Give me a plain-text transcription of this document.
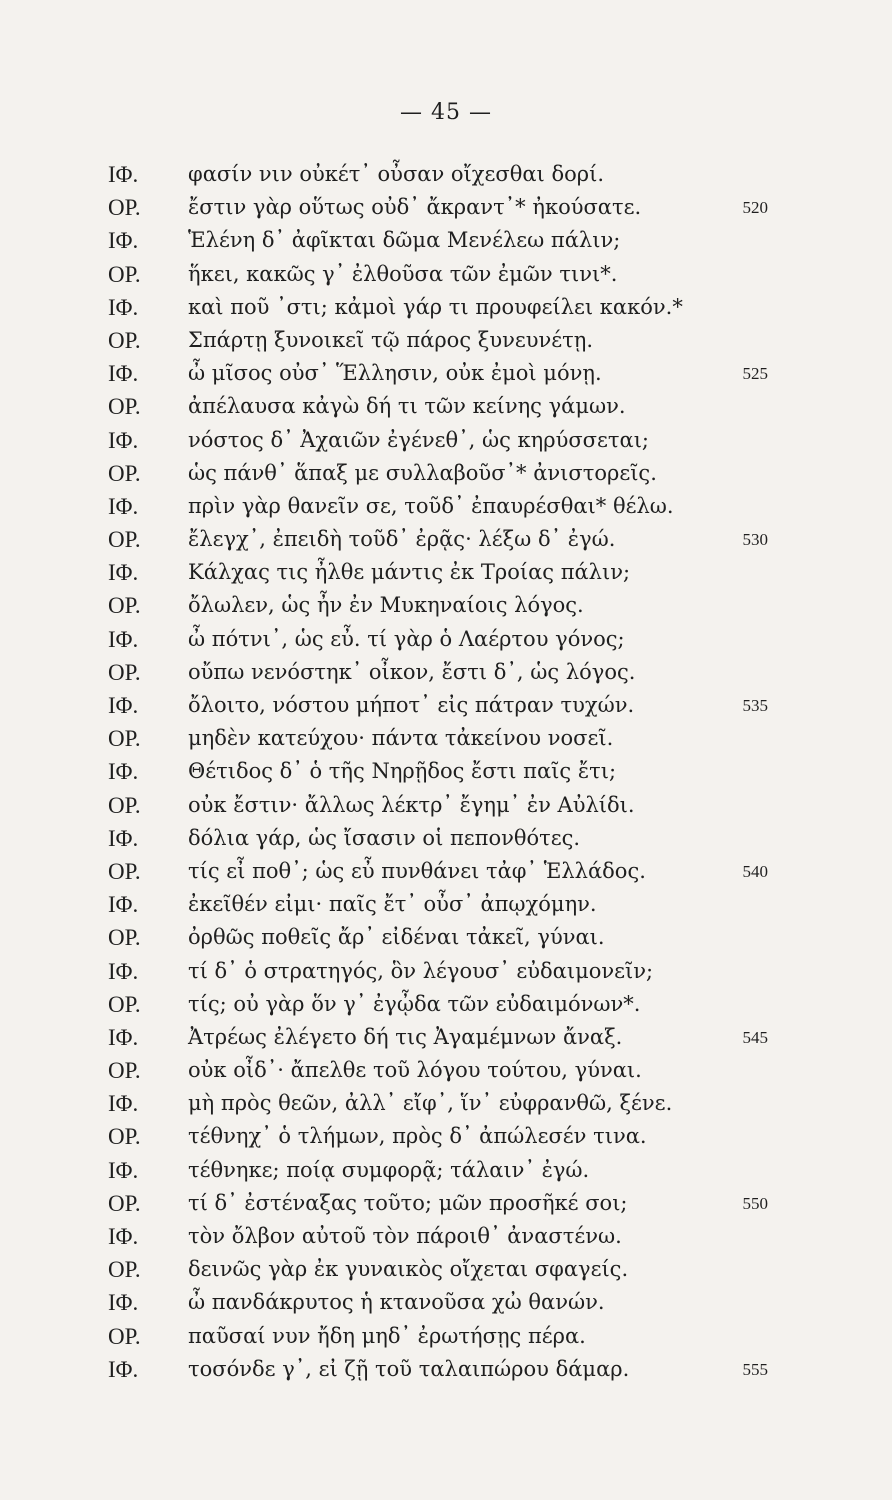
— 45 —
ΙΦ. φασίν νιν οὐκέτ᾽ οὖσαν οἴχεσθαι δορί.
ΟΡ. ἔστιν γὰρ οὕτως οὐδ᾽ ἄκραντ᾽* ἠκούσατε.	520
ΙΦ. Ἑλένη δ᾽ ἀφῖκται δῶμα Μενέλεω πάλιν;
ΟΡ. ἥκει, κακῶς γ᾽ ἐλθοῦσα τῶν ἐμῶν τινι*.
ΙΦ. καὶ ποῦ ᾽στι; κἀμοὶ γάρ τι προυφείλει κακόν.*
ΟΡ. Σπάρτῃ ξυνοικεῖ τῷ πάρος ξυνευνέτῃ.
ΙΦ. ὦ μῖσος οὐσ᾽ Ἕλλησιν, οὐκ ἐμοὶ μόνῃ.	525
ΟΡ. ἀπέλαυσα κἀγὼ δή τι τῶν κείνης γάμων.
ΙΦ. νόστος δ᾽ Ἀχαιῶν ἐγένεθ᾽, ὡς κηρύσσεται;
ΟΡ. ὡς πάνθ᾽ ἅπαξ με συλλαβοῦσ᾽* ἀνιστορεῖς.
ΙΦ. πρὶν γὰρ θανεῖν σε, τοῦδ᾽ ἐπαυρέσθαι* θέλω.
ΟΡ. ἔλεγχ᾽, ἐπειδὴ τοῦδ᾽ ἐρᾷς· λέξω δ᾽ ἐγώ.	530
ΙΦ. Κάλχας τις ἦλθε μάντις ἐκ Τροίας πάλιν;
ΟΡ. ὄλωλεν, ὡς ἦν ἐν Μυκηναίοις λόγος.
ΙΦ. ὦ πότνι᾽, ὡς εὖ. τί γὰρ ὁ Λαέρτου γόνος;
ΟΡ. οὔπω νενόστηκ᾽ οἶκον, ἔστι δ᾽, ὡς λόγος.
ΙΦ. ὄλοιτο, νόστου μήποτ᾽ εἰς πάτραν τυχών.	535
ΟΡ. μηδὲν κατεύχου· πάντα τἀκείνου νοσεῖ.
ΙΦ. Θέτιδος δ᾽ ὁ τῆς Νηρῇδος ἔστι παῖς ἔτι;
ΟΡ. οὐκ ἔστιν· ἄλλως λέκτρ᾽ ἔγημ᾽ ἐν Αὐλίδι.
ΙΦ. δόλια γάρ, ὡς ἴσασιν οἱ πεπονθότες.
ΟΡ. τίς εἶ ποθ᾽; ὡς εὖ πυνθάνει τἀφ᾽ Ἑλλάδος.	540
ΙΦ. ἐκεῖθέν εἰμι· παῖς ἔτ᾽ οὖσ᾽ ἀπῳχόμην.
ΟΡ. ὀρθῶς ποθεῖς ἄρ᾽ εἰδέναι τἀκεῖ, γύναι.
ΙΦ. τί δ᾽ ὁ στρατηγός, ὃν λέγουσ᾽ εὐδαιμονεῖν;
ΟΡ. τίς; οὐ γὰρ ὅν γ᾽ ἐγᾦδα τῶν εὐδαιμόνων*.
ΙΦ. Ἀτρέως ἐλέγετο δή τις Ἀγαμέμνων ἄναξ.	545
ΟΡ. οὐκ οἶδ᾽· ἄπελθε τοῦ λόγου τούτου, γύναι.
ΙΦ. μὴ πρὸς θεῶν, ἀλλ᾽ εἴφ᾽, ἵν᾽ εὐφρανθῶ, ξένε.
ΟΡ. τέθνηχ᾽ ὁ τλήμων, πρὸς δ᾽ ἀπώλεσέν τινα.
ΙΦ. τέθνηκε; ποίᾳ συμφορᾷ; τάλαιν᾽ ἐγώ.
ΟΡ. τί δ᾽ ἐστέναξας τοῦτο; μῶν προσῆκέ σοι;	550
ΙΦ. τὸν ὄλβον αὐτοῦ τὸν πάροιθ᾽ ἀναστένω.
ΟΡ. δεινῶς γὰρ ἐκ γυναικὸς οἴχεται σφαγείς.
ΙΦ. ὦ πανδάκρυτος ἡ κτανοῦσα χὠ θανών.
ΟΡ. παῦσαί νυν ἤδη μηδ᾽ ἐρωτήσῃς πέρα.
ΙΦ. τοσόνδε γ᾽, εἰ ζῇ τοῦ ταλαιπώρου δάμαρ.	555
